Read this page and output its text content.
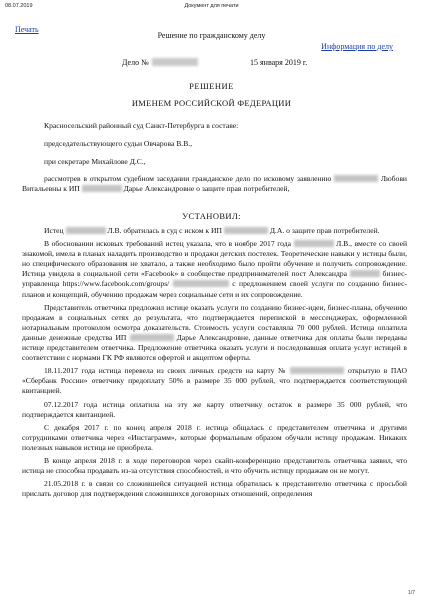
08.07.2019	Документ для печати
Печать
Решение по гражданскому делу
Информация по делу
Дело №	15 января 2019 г.
РЕШЕНИЕ
ИМЕНЕМ РОССИЙСКОЙ ФЕДЕРАЦИИ

Красносельский районный суд Санкт-Петербурга в составе:

председательствующего судьи Овчарова В.В.,

при секретаре Михайлове Д.С.,

рассмотрев в открытом судебном заседании гражданское дело по исковому заявлению	Любови Витальевны к ИП	Дарье Александровне о защите прав потребителей,

УСТАНОВИЛ:

Истец	Л.В. обратилась в суд с иском к ИП	Д.А. о защите прав потребителей.

В обосновании исковых требований истец указала, что в ноябре 2017 года	Л.В., вместе со своей знакомой, имела в планах наладить производство и продажи детских постелек. Теоретические навыки у истицы были, но специфического образования не хватало, а также необходимо было пройти обучение и получить сопровождение. Истица увидела в социальной сети «Facebook» в сообществе предпринимателей пост Александра	бизнес-управленца https://www.facebook.com/groups/	с предложением своей услуги по созданию бизнес-планов и концепций, обучению продажам через социальные сети и их сопровождение.

Представитель ответчика предложил истице оказать услуги по созданию бизнес-идеи, бизнес-плана, обучению продажам в социальных сетях до результата, что подтверждается перепиской в мессенджерах, оформленной нотариальным протоколом осмотра доказательств. Стоимость услуги составляла 70 000 рублей. Истица оплатила данные денежные средства ИП	Дарье Александровне, данные ответчика для оплаты были переданы истице представителем ответчика. Предложение ответчика оказать услуги и последовавшая оплата услуг истицей в соответствии с нормами ГК РФ являются офертой и акцептом оферты.

18.11.2017 года истица перевела из своих личных средств на карту №	открытую в ПАО «Сбербанк России» ответчику предоплату 50% в размере 35 000 рублей, что подтверждается соответствующей квитанцией.

07.12.2017 года истица оплатила на эту же карту ответчику остаток в размере 35 000 рублей, что подтверждается квитанцией.

С декабря 2017 г. по конец апреля 2018 г. истица общалась с представителем ответчика и другими сотрудниками ответчика через «Инстаграмм», которые формальным образом обучали истицу продажам. Никаких полезных навыков истица не приобрела.

В конце апреля 2018 г. в ходе переговоров через скайп-конференцию представитель ответчика заявил, что истица не способна продавать из-за отсутствия способностей, и что обучить истицу продажам он не могут.

21.05.2018 г. в связи со сложившейся ситуацией истица обратилась к представителю ответчика с просьбой прислать договор для подтверждения сложившихся договорных отношений, определения

1/7
